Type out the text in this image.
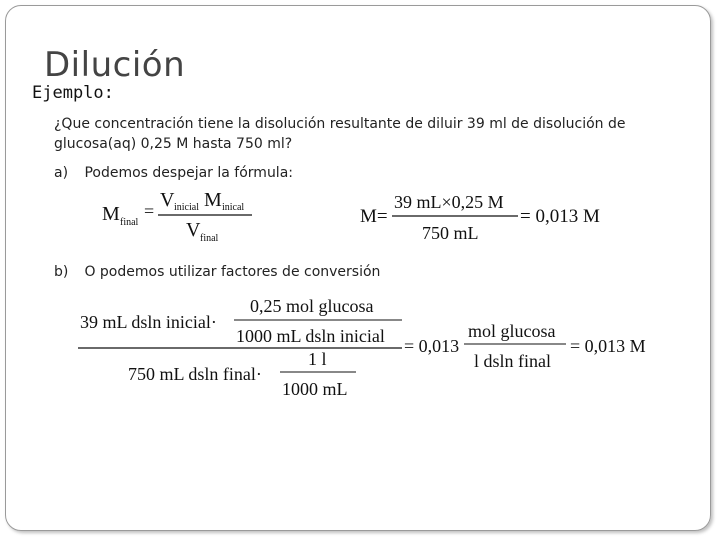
Dilución
Ejemplo:
¿Que concentración tiene la disolución resultante de diluir 39 ml de disolución de glucosa(aq) 0,25 M hasta 750 ml?
a) Podemos despejar la fórmula:
M final
= V inicial M inical
V final
M=
39 mL×0,25 M
750 mL
= 0,013 M
b) O podemos utilizar factores de conversión
39 mL dsln inicial·
0,25 mol glucosa
1000 mL dsln inicial
750 mL dsln final·
1 l
1000 mL
= 0,013
mol glucosa
l dsln final
= 0,013 M
